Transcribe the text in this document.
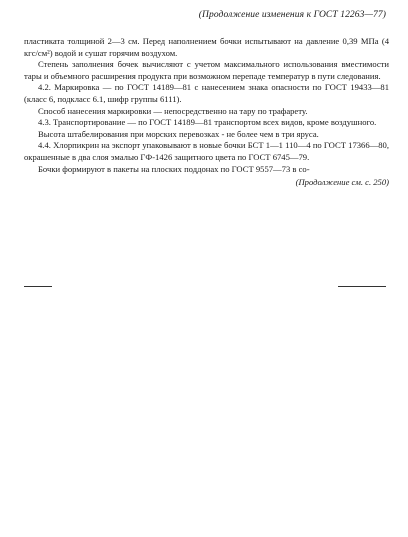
(Продолжение изменения к ГОСТ 12263—77)

пластиката толщиной 2—3 см. Перед наполнением бочки испытывают на давление 0,39 МПа (4 кгс/см²) водой и сушат горячим воздухом.

Степень заполнения бочек вычисляют с учетом максимального использования вместимости тары и объемного расширения продукта при возможном перепаде температур в пути следования.

4.2. Маркировка — по ГОСТ 14189—81 с нанесением знака опасности по ГОСТ 19433—81 (класс 6, подкласс 6.1, шифр группы 6111).

Способ нанесения маркировки — непосредственно на тару по трафарету.

4.3. Транспортирование — по ГОСТ 14189—81 транспортом всех видов, кроме воздушного.

Высота штабелирования при морских перевозках - не более чем в три яруса.

4.4. Хлорпикрин на экспорт упаковывают в новые бочки БСТ 1—1 110—4 по ГОСТ 17366—80, окрашенные в два слоя эмалью ГФ-1426 защитного цвета по ГОСТ 6745—79.

Бочки формируют в пакеты на плоских поддонах по ГОСТ 9557—73 в со-

(Продолжение см. с. 250)
